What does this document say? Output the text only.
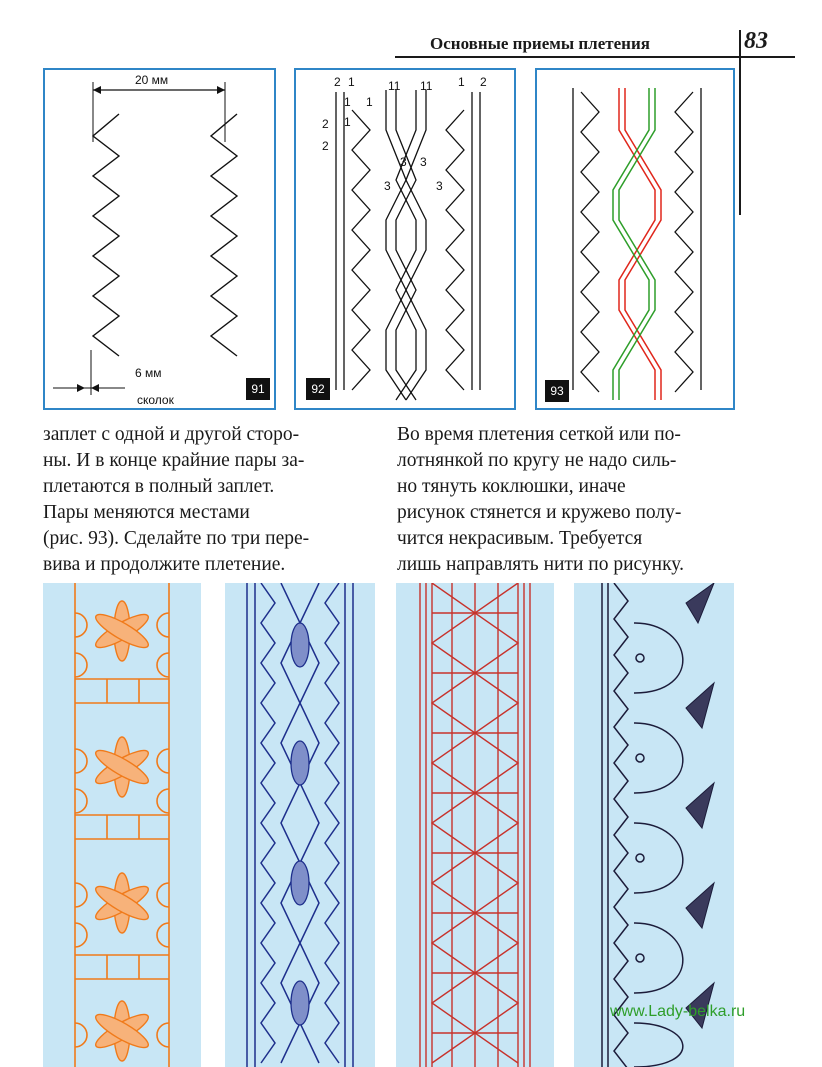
Основные приемы плетения	83
20 мм
6 мм
сколок
91
2 1	11 11 1 2
1 1
1
2
2
3 3
3	3
92	93

заплет с одной и другой сторо-

ны. И в конце крайние пары за-

плетаются в полный заплет.

Пары меняются местами

(рис. 93). Сделайте по три пере-

вива и продолжите плетение.

Во время плетения сеткой или по-

лотнянкой по кругу не надо силь-

но тянуть коклюшки, иначе

рисунок стянется и кружево полу-

чится некрасивым. Требуется

лишь направлять нити по рисунку.

www.Lady-belka.ru
